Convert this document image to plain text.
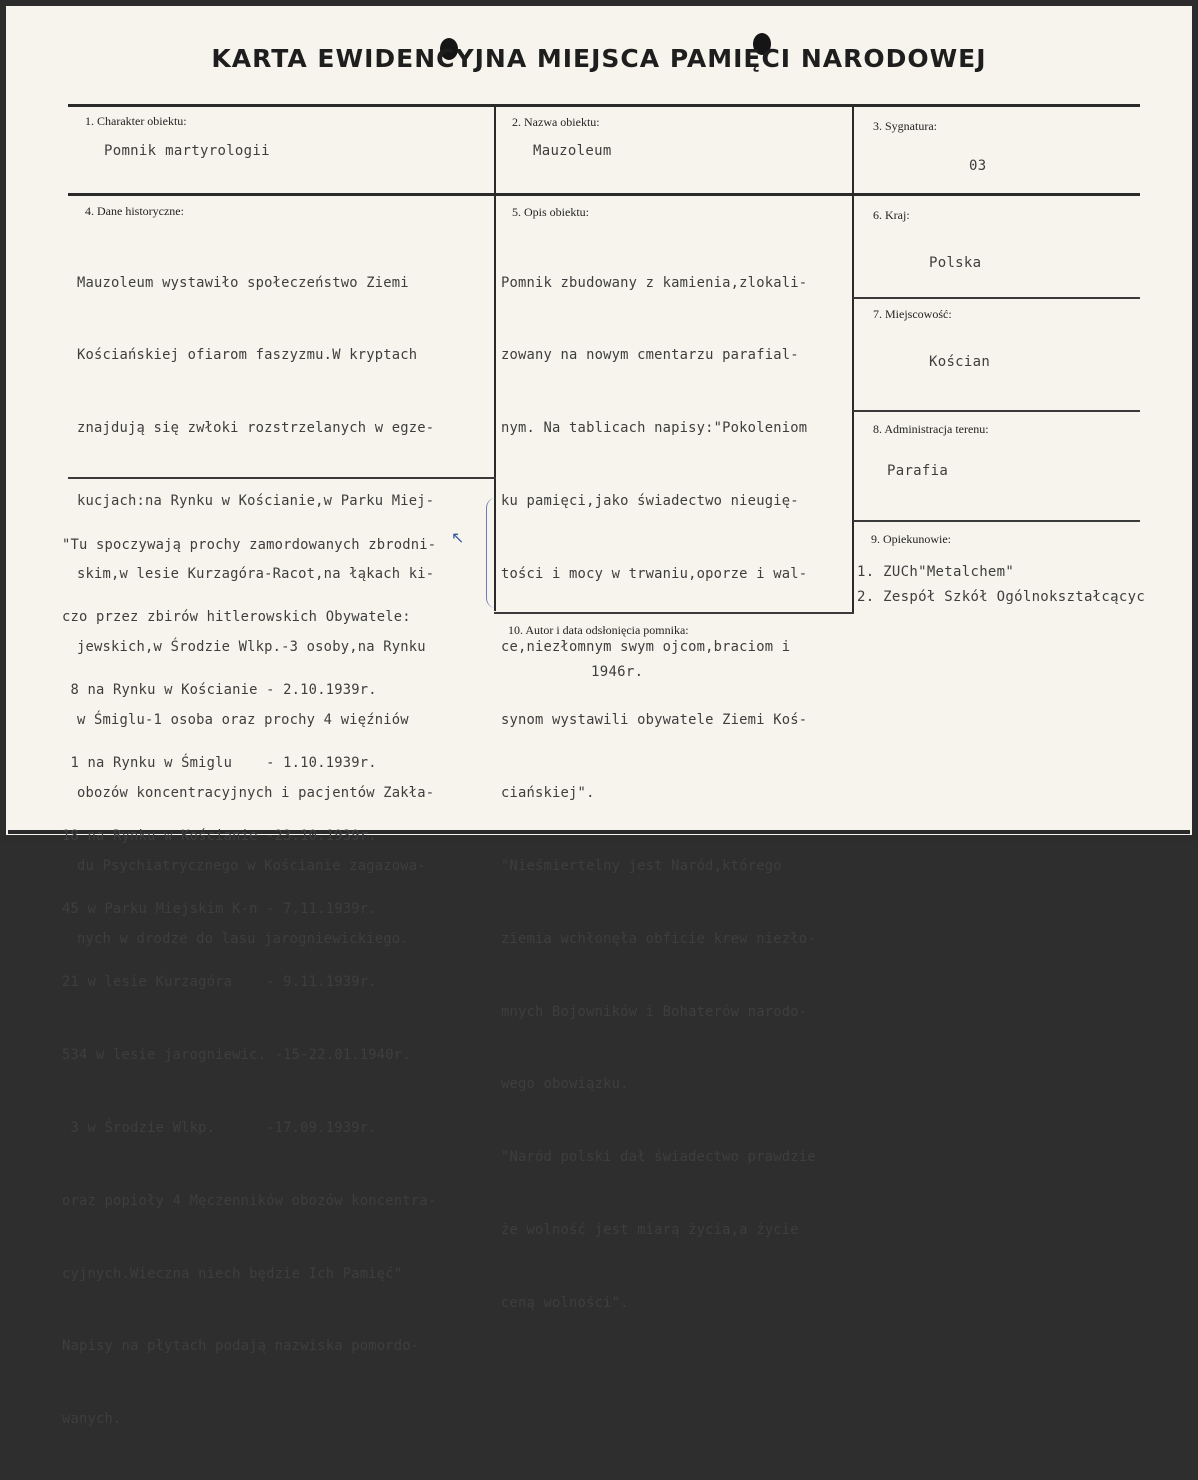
KARTA EWIDENCYJNA MIEJSCA PAMIĘCI NARODOWEJ
1. Charakter obiektu:
Pomnik martyrologii
2. Nazwa obiektu:
Mauzoleum
3. Sygnatura:
03
4. Dane historyczne:

Mauzoleum wystawiło społeczeństwo Ziemi

Kościańskiej ofiarom faszyzmu.W kryptach

znajdują się zwłoki rozstrzelanych w egze-

kucjach:na Rynku w Kościanie,w Parku Miej-

skim,w lesie Kurzagóra-Racot,na łąkach ki-

jewskich,w Środzie Wlkp.-3 osoby,na Rynku

w Śmiglu-1 osoba oraz prochy 4 więźniów

obozów koncentracyjnych i pacjentów Zakła-

du Psychiatrycznego w Kościanie zagazowa-

nych w drodze do lasu jarogniewickiego.

"Tu spoczywają prochy zamordowanych zbrodni-

czo przez zbirów hitlerowskich Obywatele:

8 na Rynku w Kościanie - 2.10.1939r.

1 na Rynku w Śmiglu    - 1.10.1939r.

18 na Rynku w Kościanie -23.10.1939r.

45 w Parku Miejskim K-n - 7.11.1939r.

21 w lesie Kurzagóra    - 9.11.1939r.

534 w lesie jarogniewic. -15-22.01.1940r.

3 w Środzie Wlkp.      -17.09.1939r.

oraz popioły 4 Męczenników obozów koncentra-

cyjnych.Wieczna niech będzie Ich Pamięć"

Napisy na płytach podają nazwiska pomordo-

wanych.

↖
5. Opis obiektu:

Pomnik zbudowany z kamienia,zlokali-

zowany na nowym cmentarzu parafial-

nym. Na tablicach napisy:"Pokoleniom

ku pamięci,jako świadectwo nieugię-

tości i mocy w trwaniu,oporze i wal-

ce,niezłomnym swym ojcom,braciom i

synom wystawili obywatele Ziemi Koś-

ciańskiej".

"Nieśmiertelny jest Naród,którego

ziemia wchłonęła obficie krew niezło-

mnych Bojowników i Bohaterów narodo-

wego obowiązku.

"Naród polski dał świadectwo prawdzie

że wolność jest miarą życia,a życie

ceną wolności".

6. Kraj:
Polska
7. Miejscowość:
Kościan
8. Administracja terenu:
Parafia
9. Opiekunowie:
1. ZUCh"Metalchem"
2. Zespół Szkół Ogólnokształcącyc
10. Autor i data odsłonięcia pomnika:
1946r.
